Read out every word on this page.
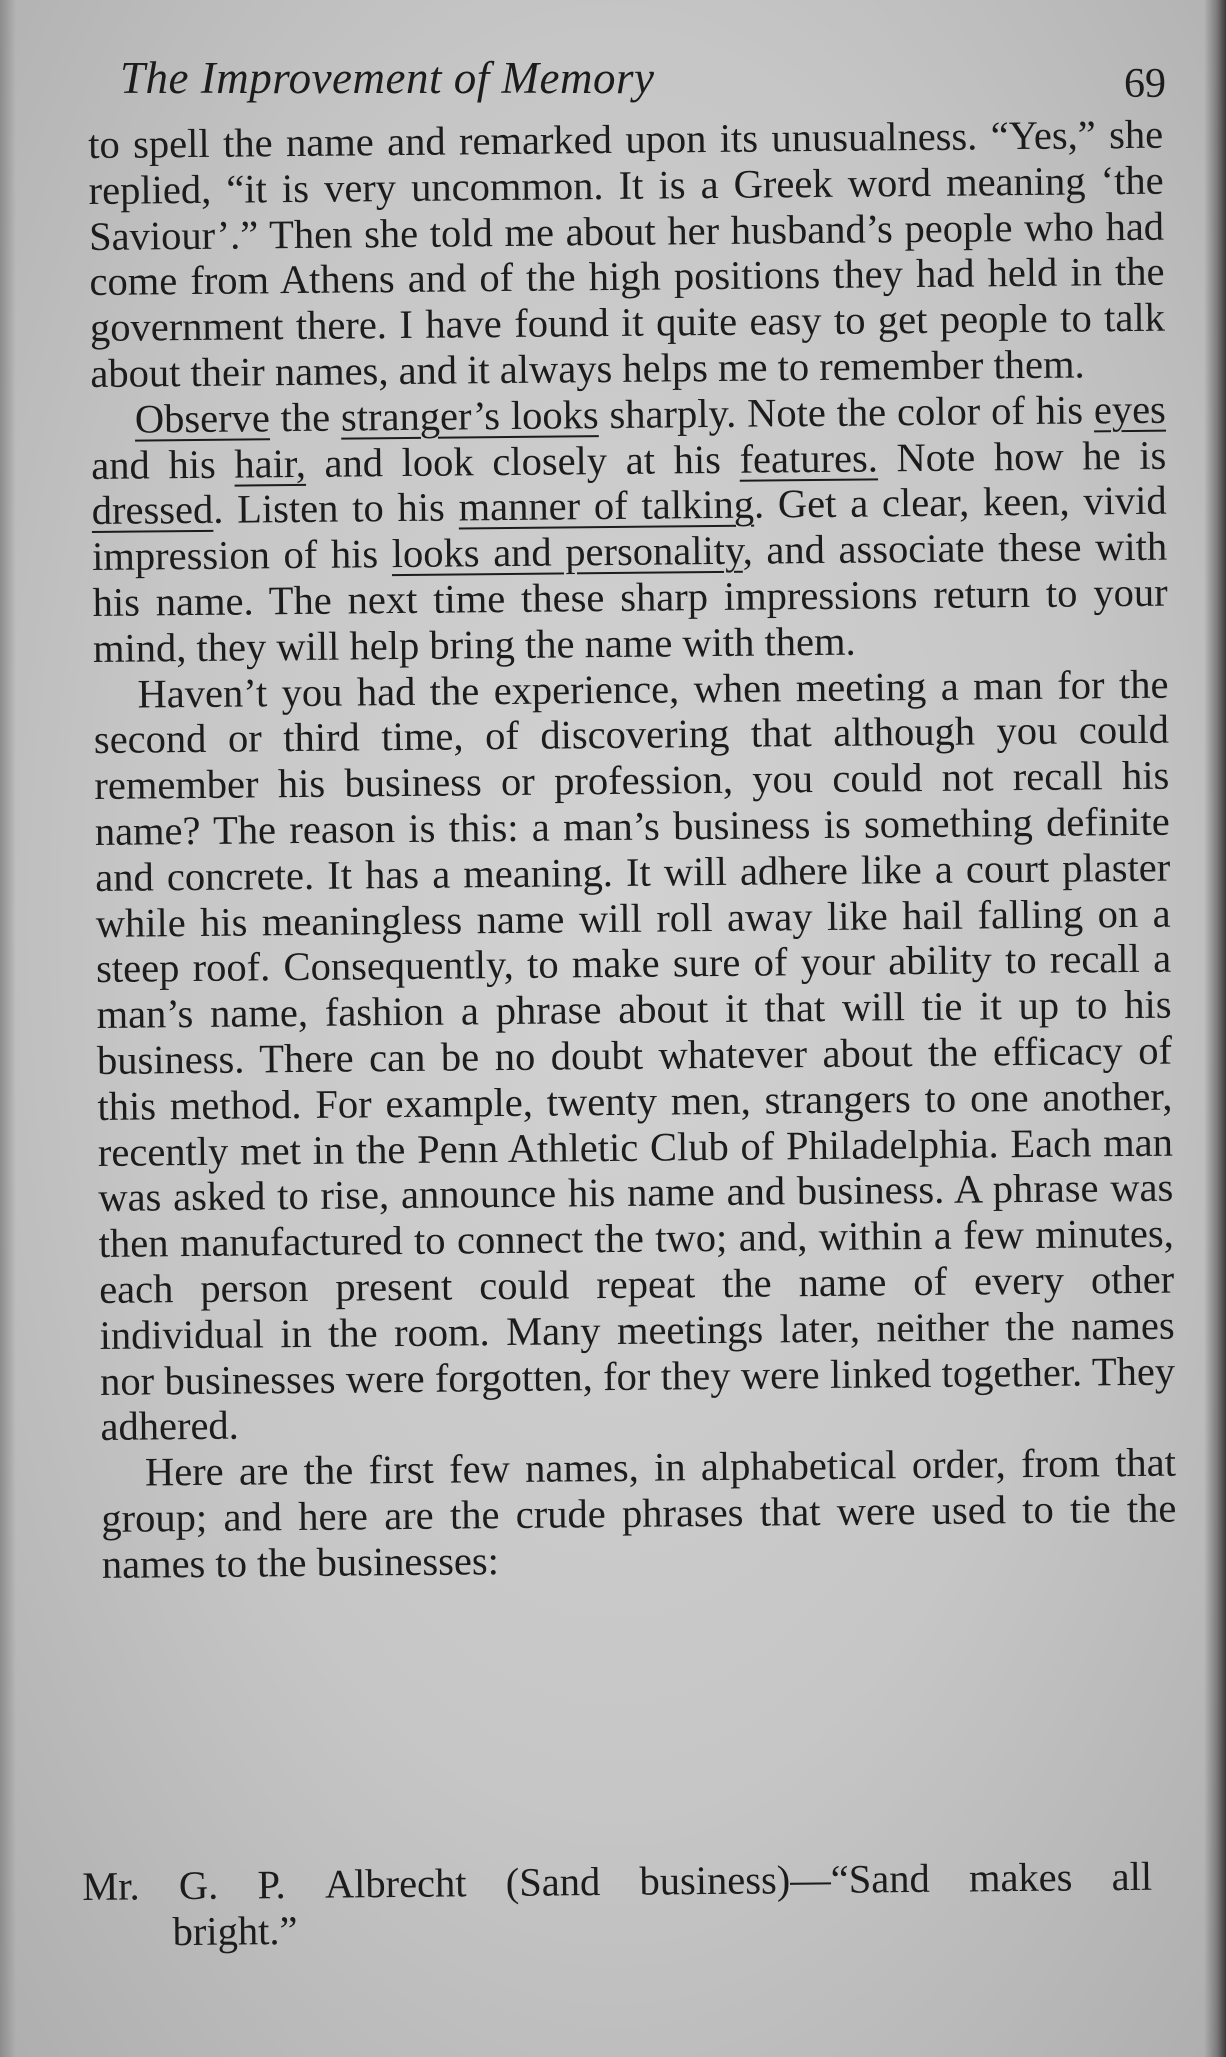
The Improvement of Memory	69

to spell the name and remarked upon its unusualness. “Yes,” she replied, “it is very uncommon. It is a Greek word meaning ‘the Saviour’.” Then she told me about her husband’s people who had come from Athens and of the high positions they had held in the government there. I have found it quite easy to get people to talk about their names, and it always helps me to remember them.

Observe the stranger’s looks sharply. Note the color of his eyes and his hair, and look closely at his features. Note how he is dressed. Listen to his manner of talking. Get a clear, keen, vivid impression of his looks and personality, and associate these with his name. The next time these sharp impressions return to your mind, they will help bring the name with them.

Haven’t you had the experience, when meeting a man for the second or third time, of discovering that although you could remember his business or profession, you could not recall his name? The reason is this: a man’s business is something definite and concrete. It has a meaning. It will adhere like a court plaster while his meaningless name will roll away like hail falling on a steep roof. Consequently, to make sure of your ability to recall a man’s name, fashion a phrase about it that will tie it up to his business. There can be no doubt whatever about the efficacy of this method. For example, twenty men, strangers to one another, recently met in the Penn Athletic Club of Philadelphia. Each man was asked to rise, announce his name and business. A phrase was then manufactured to connect the two; and, within a few minutes, each person present could repeat the name of every other individual in the room. Many meetings later, neither the names nor businesses were forgotten, for they were linked together. They adhered.

Here are the first few names, in alphabetical order, from that group; and here are the crude phrases that were used to tie the names to the businesses:

Mr. G. P. Albrecht (Sand business)—“Sand makes all
bright.”
